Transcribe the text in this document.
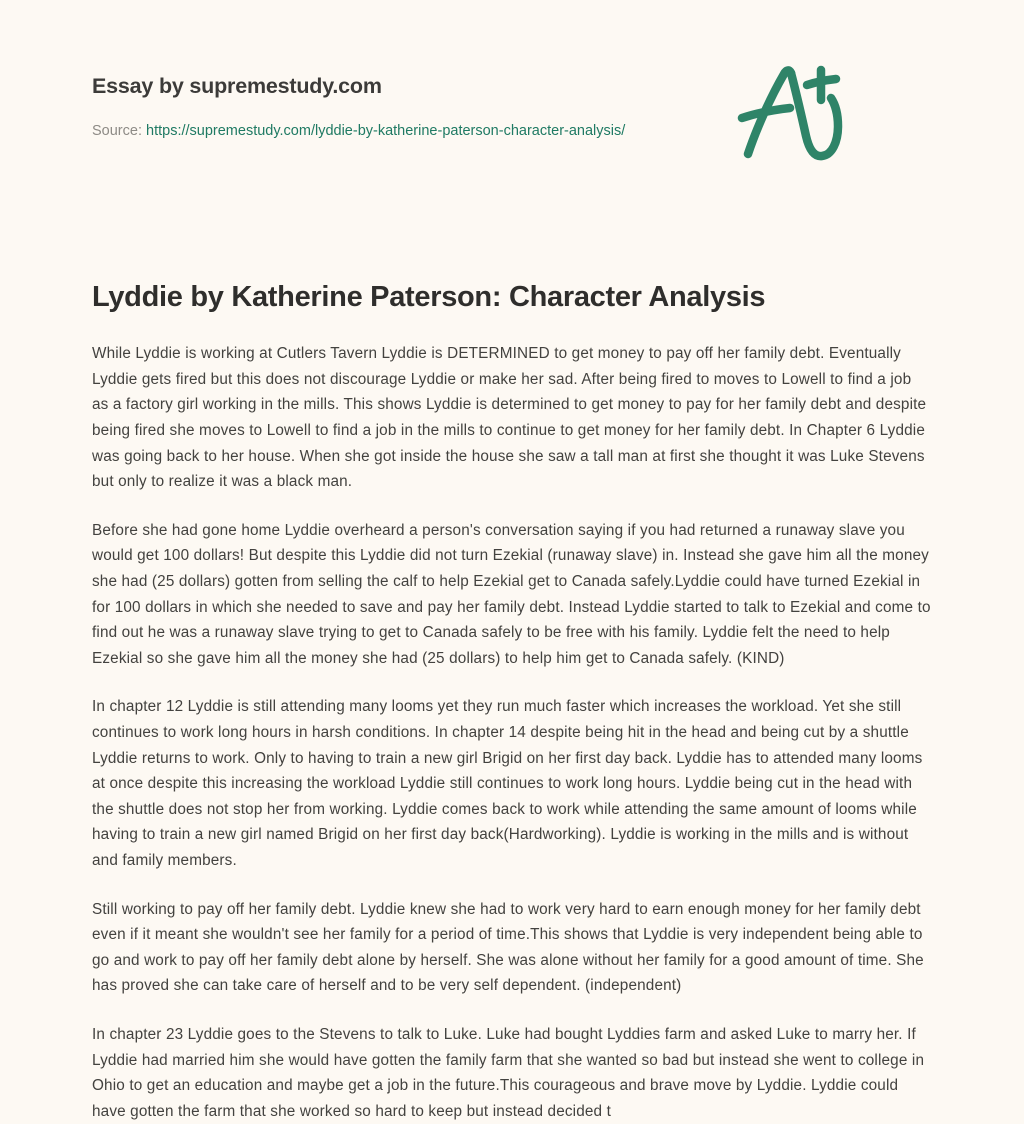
Essay by supremestudy.com

Source: https://supremestudy.com/lyddie-by-katherine-paterson-character-analysis/
Lyddie by Katherine Paterson: Character Analysis

While Lyddie is working at Cutlers Tavern Lyddie is DETERMINED to get money to pay off her family debt. Eventually Lyddie gets fired but this does not discourage Lyddie or make her sad. After being fired to moves to Lowell to find a job as a factory girl working in the mills. This shows Lyddie is determined to get money to pay for her family debt and despite being fired she moves to Lowell to find a job in the mills to continue to get money for her family debt. In Chapter 6 Lyddie was going back to her house. When she got inside the house she saw a tall man at first she thought it was Luke Stevens but only to realize it was a black man.

Before she had gone home Lyddie overheard a person's conversation saying if you had returned a runaway slave you would get 100 dollars! But despite this Lyddie did not turn Ezekial (runaway slave) in. Instead she gave him all the money she had (25 dollars) gotten from selling the calf to help Ezekial get to Canada safely.Lyddie could have turned Ezekial in for 100 dollars in which she needed to save and pay her family debt. Instead Lyddie started to talk to Ezekial and come to find out he was a runaway slave trying to get to Canada safely to be free with his family. Lyddie felt the need to help Ezekial so she gave him all the money she had (25 dollars) to help him get to Canada safely. (KIND)

In chapter 12 Lyddie is still attending many looms yet they run much faster which increases the workload. Yet she still continues to work long hours in harsh conditions. In chapter 14 despite being hit in the head and being cut by a shuttle Lyddie returns to work. Only to having to train a new girl Brigid on her first day back. Lyddie has to attended many looms at once despite this increasing the workload Lyddie still continues to work long hours. Lyddie being cut in the head with the shuttle does not stop her from working. Lyddie comes back to work while attending the same amount of looms while having to train a new girl named Brigid on her first day back(Hardworking). Lyddie is working in the mills and is without and family members.

Still working to pay off her family debt. Lyddie knew she had to work very hard to earn enough money for her family debt even if it meant she wouldn't see her family for a period of time.This shows that Lyddie is very independent being able to go and work to pay off her family debt alone by herself. She was alone without her family for a good amount of time. She has proved she can take care of herself and to be very self dependent. (independent)

In chapter 23 Lyddie goes to the Stevens to talk to Luke. Luke had bought Lyddies farm and asked Luke to marry her. If Lyddie had married him she would have gotten the family farm that she wanted so bad but instead she went to college in Ohio to get an education and maybe get a job in the future.This courageous and brave move by Lyddie. Lyddie could have gotten the farm that she worked so hard to keep but instead decided t
